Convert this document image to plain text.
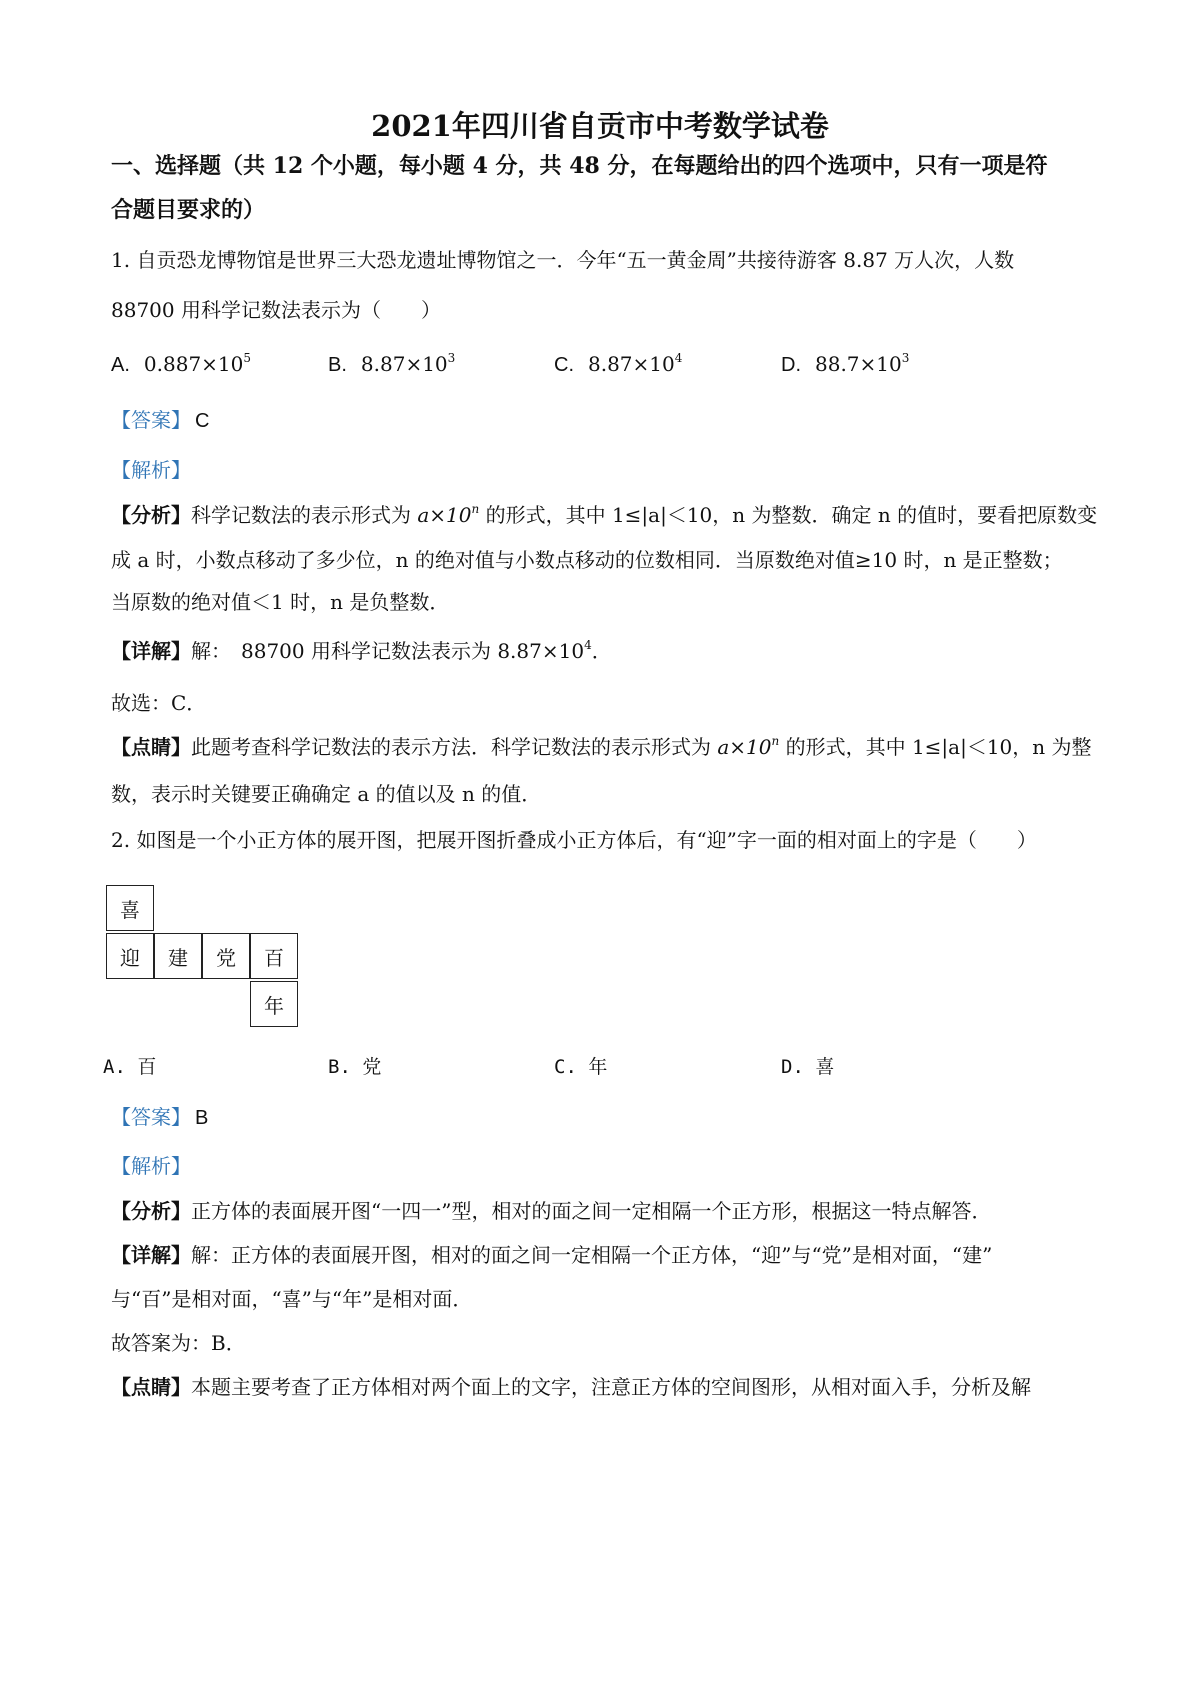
2021年四川省自贡市中考数学试卷
一、选择题（共 12 个小题，每小题 4 分，共 48 分，在每题给出的四个选项中，只有一项是符
合题目要求的）
1. 自贡恐龙博物馆是世界三大恐龙遗址博物馆之一．今年“五一黄金周”共接待游客 8.87 万人次，人数
88700 用科学记数法表示为（　　）
A. $0.887\times 10^5$	B. $8.87\times 10^3$	C. $8.87\times 10^4$	D. $88.7\times 10^3$
【答案】 C
【解析】
【分析】科学记数法的表示形式为 $a\times 10^n$ 的形式，其中 1≤|a|＜10，n 为整数．确定 n 的值时，要看把原数变
成 a 时，小数点移动了多少位，n 的绝对值与小数点移动的位数相同．当原数绝对值≥10 时，n 是正整数；
当原数的绝对值＜1 时，n 是负整数．
【详解】解：　88700 用科学记数法表示为 $8.87\times 10^4$．
故选：C．
【点睛】此题考查科学记数法的表示方法．科学记数法的表示形式为 $a\times 10^n$ 的形式，其中 1≤|a|＜10，n 为整
数，表示时关键要正确确定 a 的值以及 n 的值．
2. 如图是一个小正方体的展开图，把展开图折叠成小正方体后，有“迎”字一面的相对面上的字是（　　）
喜
迎	建	党	百
年
A. 百	B. 党	C. 年	D. 喜
【答案】 B
【解析】
【分析】正方体的表面展开图“一四一”型，相对的面之间一定相隔一个正方形，根据这一特点解答．
【详解】解：正方体的表面展开图，相对的面之间一定相隔一个正方体，“迎”与“党”是相对面，“建”
与“百”是相对面，“喜”与“年”是相对面．
故答案为：B．
【点睛】本题主要考查了正方体相对两个面上的文字，注意正方体的空间图形，从相对面入手，分析及解
